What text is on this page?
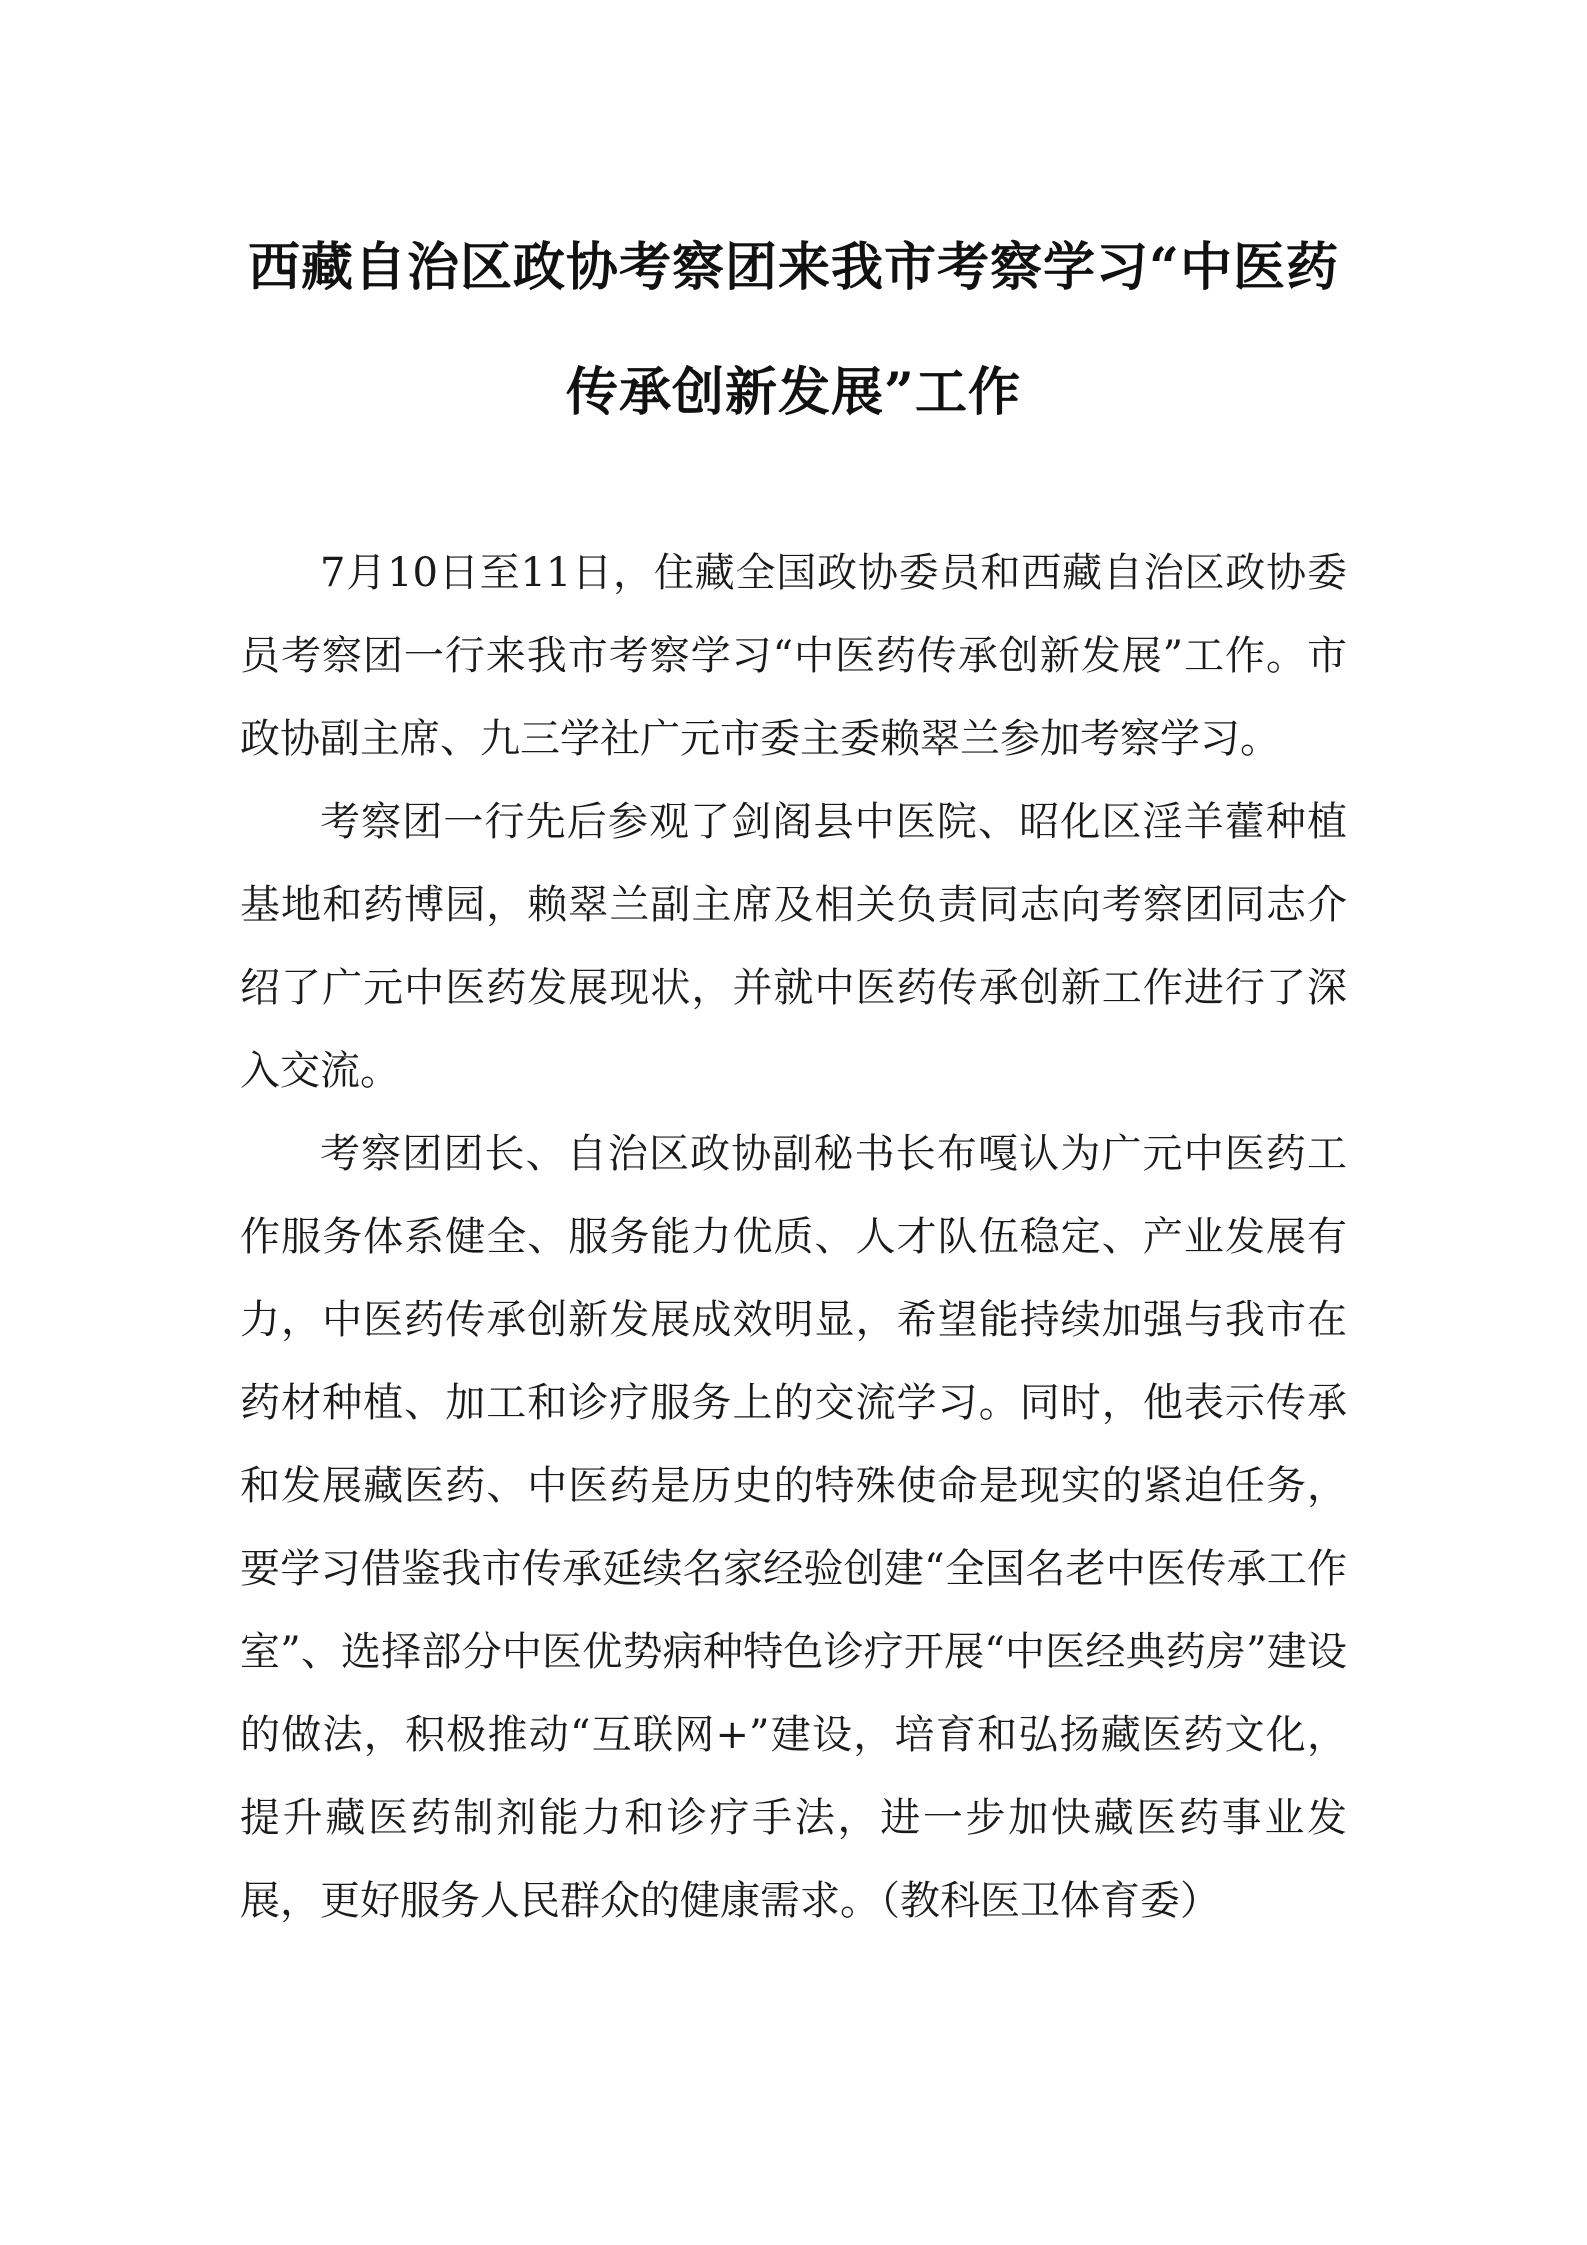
西藏自治区政协考察团来我市考察学习“中医药传承创新发展”工作

7月10日至11日，住藏全国政协委员和西藏自治区政协委员考察团一行来我市考察学习“中医药传承创新发展”工作。市政协副主席、九三学社广元市委主委赖翠兰参加考察学习。

考察团一行先后参观了剑阁县中医院、昭化区淫羊藿种植基地和药博园，赖翠兰副主席及相关负责同志向考察团同志介绍了广元中医药发展现状，并就中医药传承创新工作进行了深入交流。

考察团团长、自治区政协副秘书长布嘎认为广元中医药工作服务体系健全、服务能力优质、人才队伍稳定、产业发展有力，中医药传承创新发展成效明显，希望能持续加强与我市在药材种植、加工和诊疗服务上的交流学习。同时，他表示传承和发展藏医药、中医药是历史的特殊使命是现实的紧迫任务，要学习借鉴我市传承延续名家经验创建“全国名老中医传承工作室”、选择部分中医优势病种特色诊疗开展“中医经典药房”建设的做法，积极推动“互联网+”建设，培育和弘扬藏医药文化，提升藏医药制剂能力和诊疗手法，进一步加快藏医药事业发展，更好服务人民群众的健康需求。（教科医卫体育委）
